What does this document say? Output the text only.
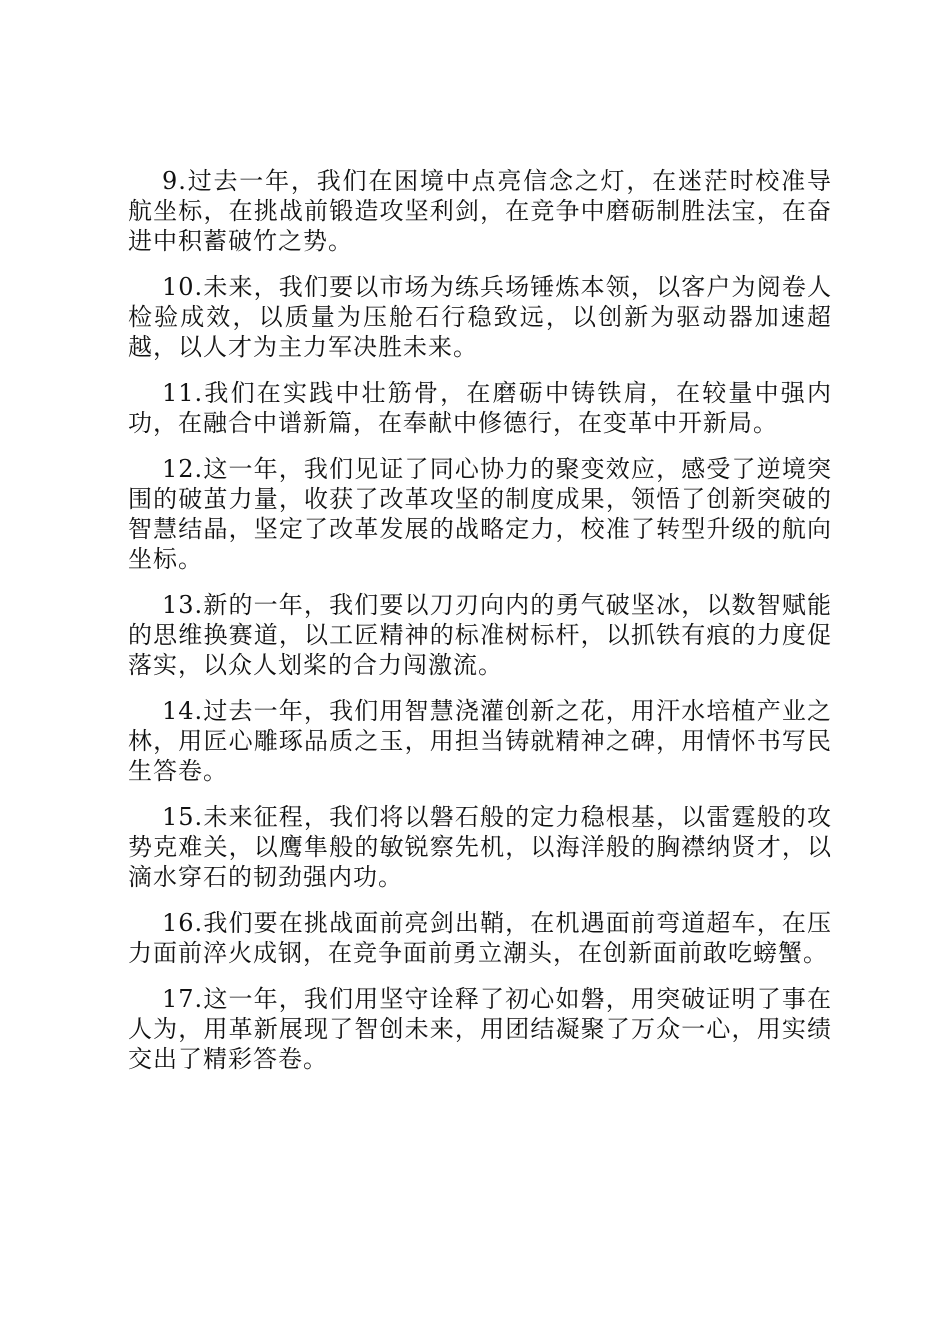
9.过去一年，我们在困境中点亮信念之灯，在迷茫时校准导航坐标，在挑战前锻造攻坚利剑，在竞争中磨砺制胜法宝，在奋进中积蓄破竹之势。

10.未来，我们要以市场为练兵场锤炼本领，以客户为阅卷人检验成效，以质量为压舱石行稳致远，以创新为驱动器加速超越，以人才为主力军决胜未来。

11.我们在实践中壮筋骨，在磨砺中铸铁肩，在较量中强内功，在融合中谱新篇，在奉献中修德行，在变革中开新局。

12.这一年，我们见证了同心协力的聚变效应，感受了逆境突围的破茧力量，收获了改革攻坚的制度成果，领悟了创新突破的智慧结晶，坚定了改革发展的战略定力，校准了转型升级的航向坐标。

13.新的一年，我们要以刀刃向内的勇气破坚冰，以数智赋能的思维换赛道，以工匠精神的标准树标杆，以抓铁有痕的力度促落实，以众人划桨的合力闯激流。

14.过去一年，我们用智慧浇灌创新之花，用汗水培植产业之林，用匠心雕琢品质之玉，用担当铸就精神之碑，用情怀书写民生答卷。

15.未来征程，我们将以磐石般的定力稳根基，以雷霆般的攻势克难关，以鹰隼般的敏锐察先机，以海洋般的胸襟纳贤才，以滴水穿石的韧劲强内功。

16.我们要在挑战面前亮剑出鞘，在机遇面前弯道超车，在压力面前淬火成钢，在竞争面前勇立潮头，在创新面前敢吃螃蟹。

17.这一年，我们用坚守诠释了初心如磐，用突破证明了事在人为，用革新展现了智创未来，用团结凝聚了万众一心，用实绩交出了精彩答卷。
